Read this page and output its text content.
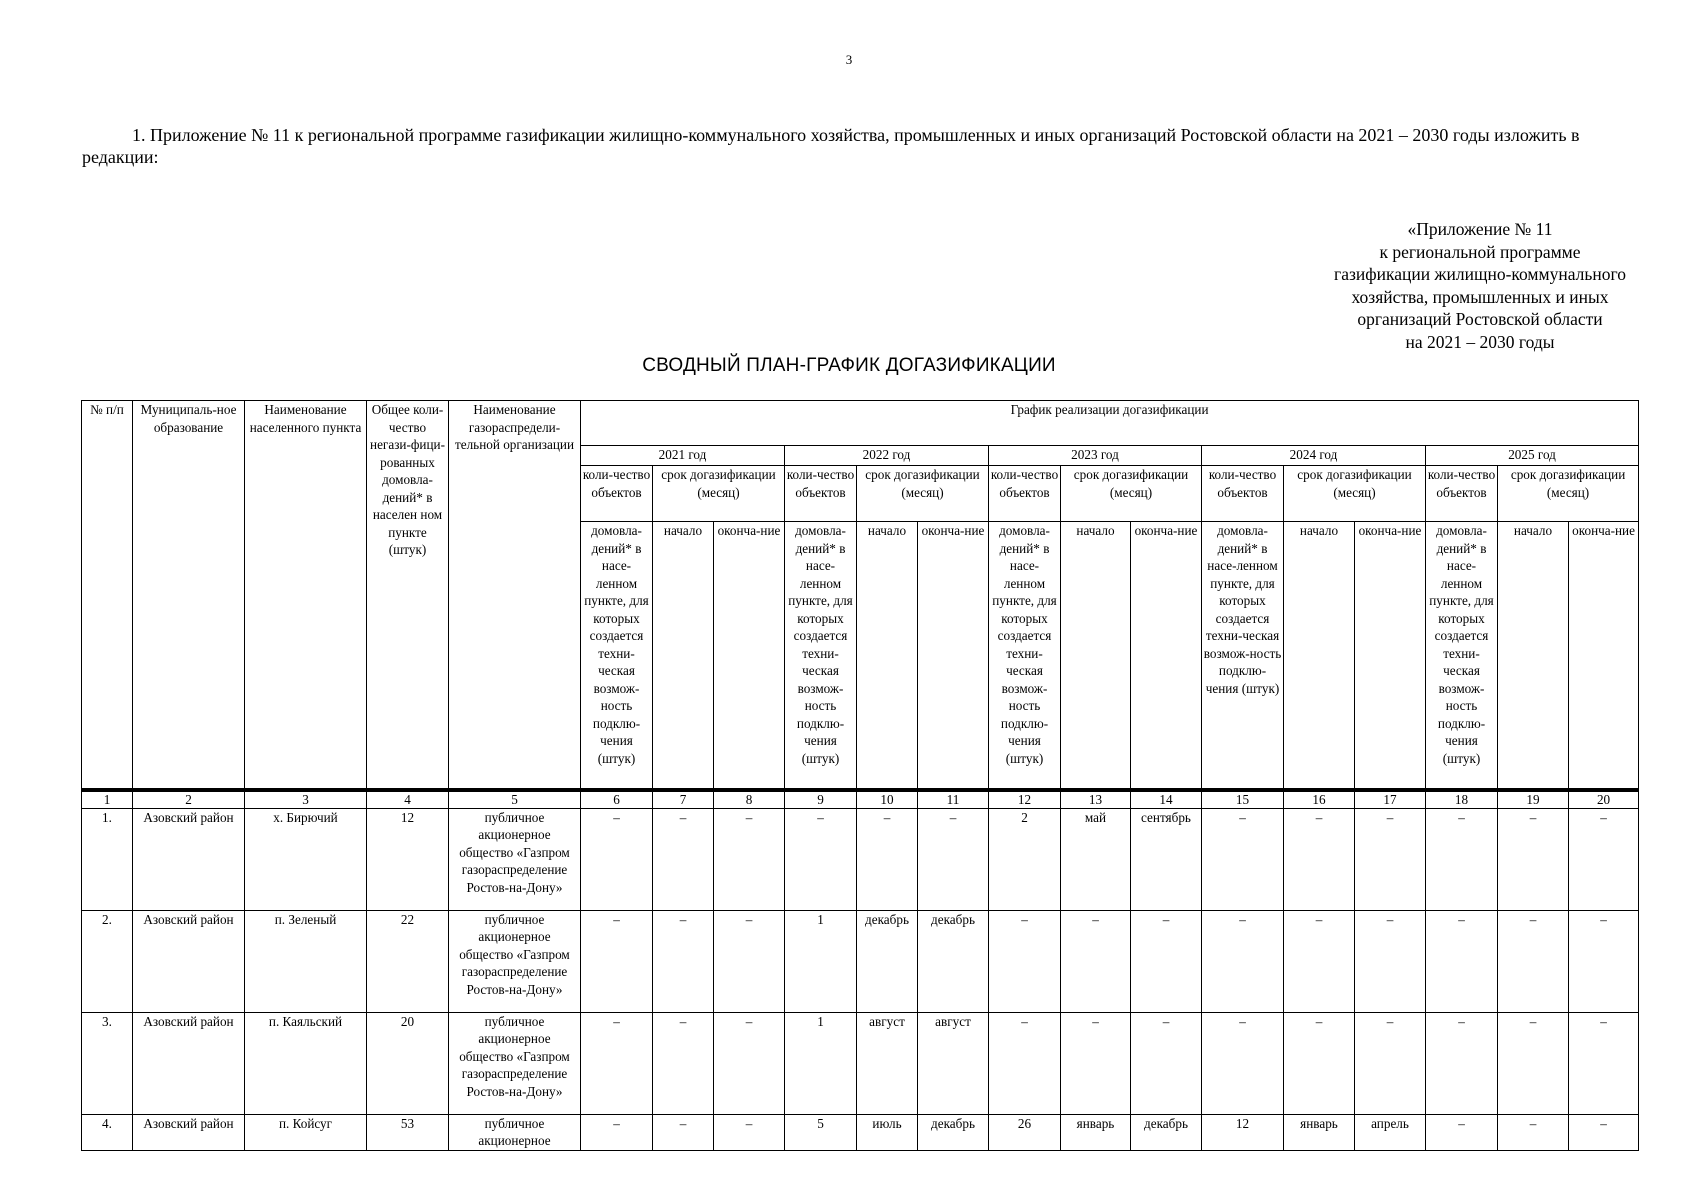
3
1. Приложение № 11 к региональной программе газификации жилищно-коммунального хозяйства, промышленных и иных организаций Ростовской области на 2021 – 2030 годы изложить в редакции:
«Приложение № 11
к региональной программе
газификации жилищно-коммунального
хозяйства, промышленных и иных
организаций Ростовской области
на 2021 – 2030 годы
СВОДНЫЙ ПЛАН-ГРАФИК ДОГАЗИФИКАЦИИ
№ п/п	Муниципаль-ное образование	Наименование населенного пункта	Общее коли-чество негази-фици-рованных домовла-дений* в населен ном пункте (штук)	Наименование газораспредели-тельной организации	График реализации догазификации														
					2021 год			2022 год			2023 год			2024 год			2025 год		
					коли-чество объектов	срок догазификации (месяц)		коли-чество объектов	срок догазификации (месяц)		коли-чество объектов	срок догазификации (месяц)		коли-чество объектов	срок догазификации (месяц)		коли-чество объектов	срок догазификации (месяц)	
					домовла-дений* в насе-ленном пункте, для которых создается техни-ческая возмож-ность подклю-чения (штук)	начало	оконча-ние	домовла-дений* в насе-ленном пункте, для которых создается техни-ческая возмож-ность подклю-чения (штук)	начало	оконча-ние	домовла-дений* в насе-ленном пункте, для которых создается техни-ческая возмож-ность подклю-чения (штук)	начало	оконча-ние	домовла-дений* в насе-ленном пункте, для которых создается техни-ческая возмож-ность подклю-чения (штук)	начало	оконча-ние	домовла-дений* в насе-ленном пункте, для которых создается техни-ческая возмож-ность подклю-чения (штук)	начало	оконча-ние
1	2	3	4	5	6	7	8	9	10	11	12	13	14	15	16	17	18	19	20
1.	Азовский район	х. Бирючий	12	публичное акционерное общество «Газпром газораспределение Ростов-на-Дону»	–	–	–	–	–	–	2	май	сентябрь	–	–	–	–	–	–
2.	Азовский район	п. Зеленый	22	публичное акционерное общество «Газпром газораспределение Ростов-на-Дону»	–	–	–	1	декабрь	декабрь	–	–	–	–	–	–	–	–	–
3.	Азовский район	п. Каяльский	20	публичное акционерное общество «Газпром газораспределение Ростов-на-Дону»	–	–	–	1	август	август	–	–	–	–	–	–	–	–	–
4.	Азовский район	п. Койсуг	53	публичное акционерное	–	–	–	5	июль	декабрь	26	январь	декабрь	12	январь	апрель	–	–	–
